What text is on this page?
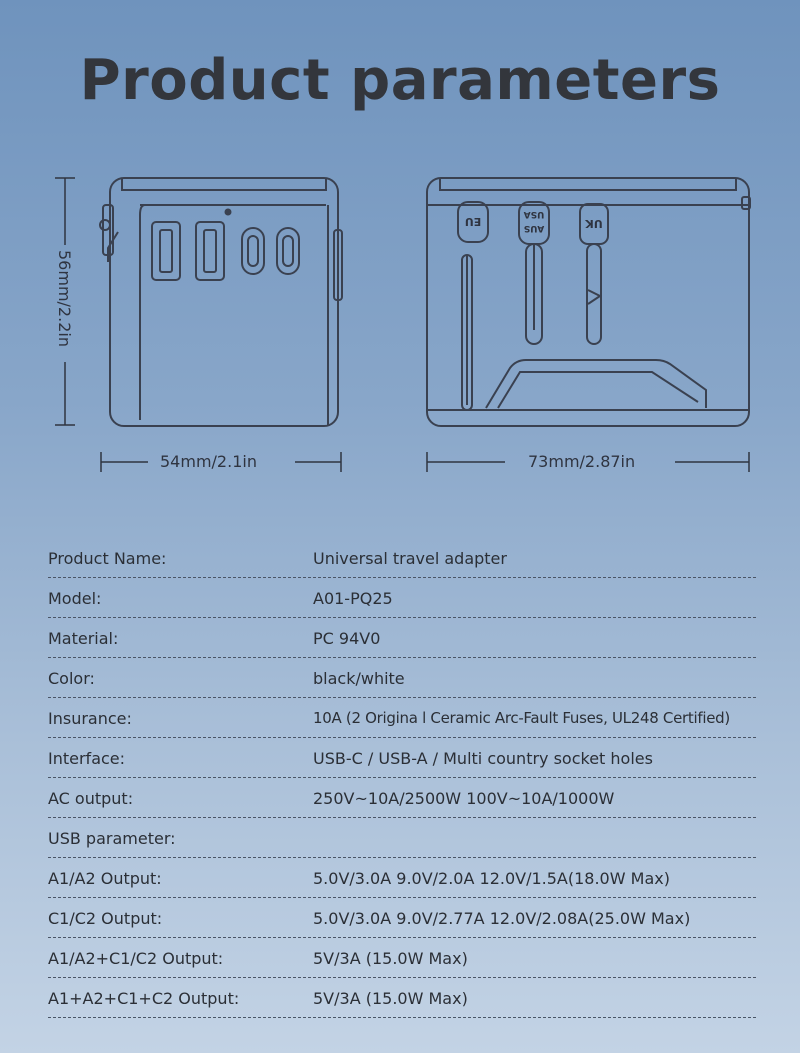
Product parameters
EU
USA
AUS	UK
56mm/2.2in
54mm/2.1in	73mm/2.87in
Product Name:	Universal travel adapter
Model:	A01-PQ25
Material:	PC 94V0
Color:	black/white
Insurance:	10A (2 Origina l Ceramic Arc-Fault Fuses, UL248 Certified)
Interface:	USB-C / USB-A / Multi country socket holes
AC output:	250V~10A/2500W 100V~10A/1000W
USB parameter:
A1/A2 Output:	5.0V/3.0A 9.0V/2.0A 12.0V/1.5A(18.0W Max)
C1/C2 Output:	5.0V/3.0A 9.0V/2.77A 12.0V/2.08A(25.0W Max)
A1/A2+C1/C2 Output:	5V/3A (15.0W Max)
A1+A2+C1+C2 Output:	5V/3A (15.0W Max)
